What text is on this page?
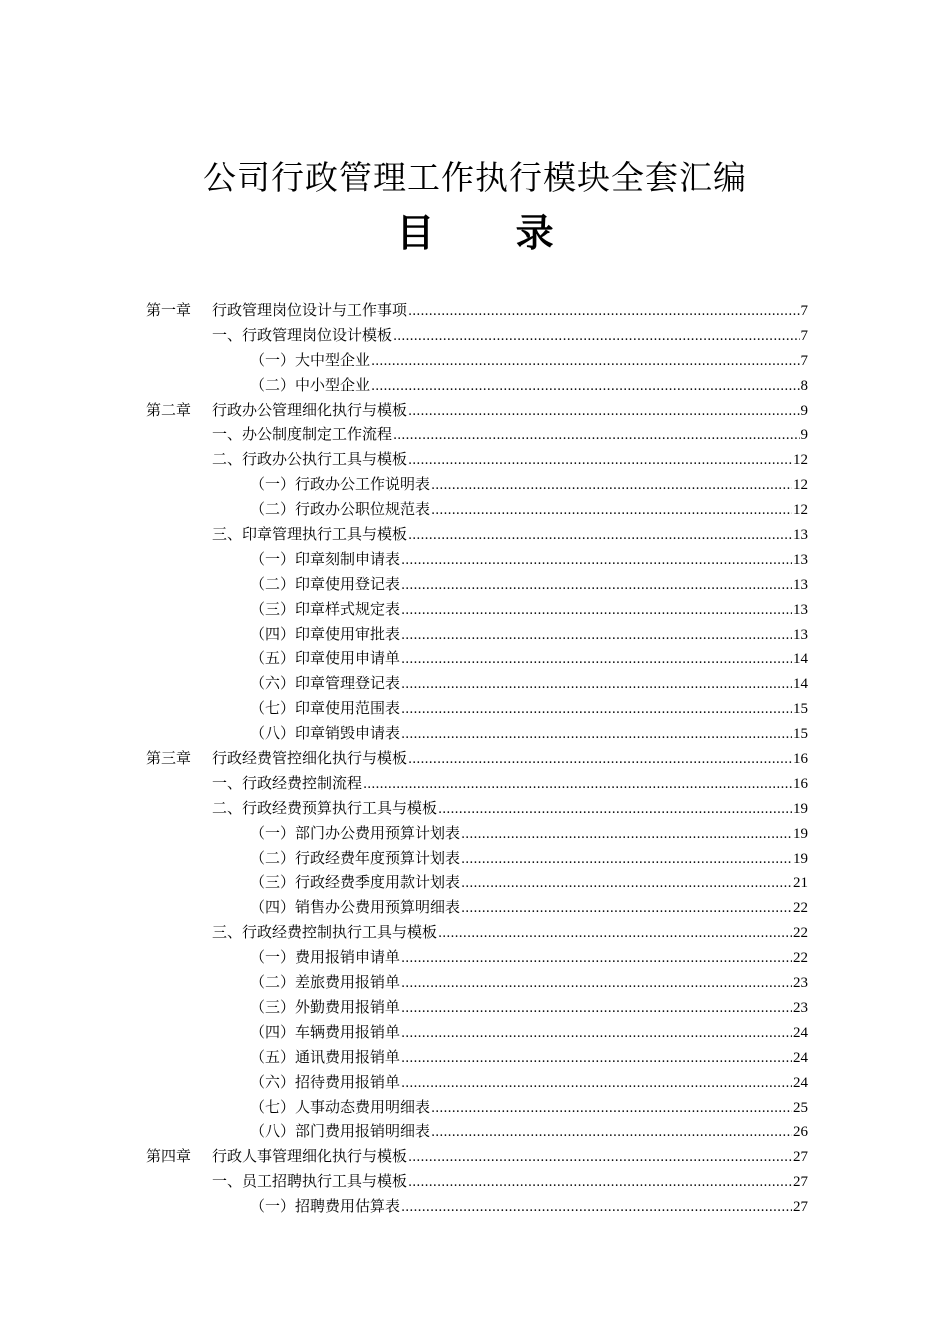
公司行政管理工作执行模块全套汇编
目 录
第一章 行政管理岗位设计与工作事项 .....	7
一、行政管理岗位设计模板 .....	7
（一）大中型企业 .....	7
（二）中小型企业 .....	8
第二章 行政办公管理细化执行与模板 .....	9
一、办公制度制定工作流程 .....	9
二、行政办公执行工具与模板 .....	12
（一）行政办公工作说明表 .....	12
（二）行政办公职位规范表 .....	12
三、印章管理执行工具与模板 .....	13
（一）印章刻制申请表 .....	13
（二）印章使用登记表 .....	13
（三）印章样式规定表 .....	13
（四）印章使用审批表 .....	13
（五）印章使用申请单 .....	14
（六）印章管理登记表 .....	14
（七）印章使用范围表 .....	15
（八）印章销毁申请表 .....	15
第三章 行政经费管控细化执行与模板 .....	16
一、行政经费控制流程 .....	16
二、行政经费预算执行工具与模板 .....	19
（一）部门办公费用预算计划表 .....	19
（二）行政经费年度预算计划表 .....	19
（三）行政经费季度用款计划表 .....	21
（四）销售办公费用预算明细表 .....	22
三、行政经费控制执行工具与模板 .....	22
（一）费用报销申请单 .....	22
（二）差旅费用报销单 .....	23
（三）外勤费用报销单 .....	23
（四）车辆费用报销单 .....	24
（五）通讯费用报销单 .....	24
（六）招待费用报销单 .....	24
（七）人事动态费用明细表 .....	25
（八）部门费用报销明细表 .....	26
第四章 行政人事管理细化执行与模板 .....	27
一、员工招聘执行工具与模板 .....	27
（一）招聘费用估算表 .....	27
